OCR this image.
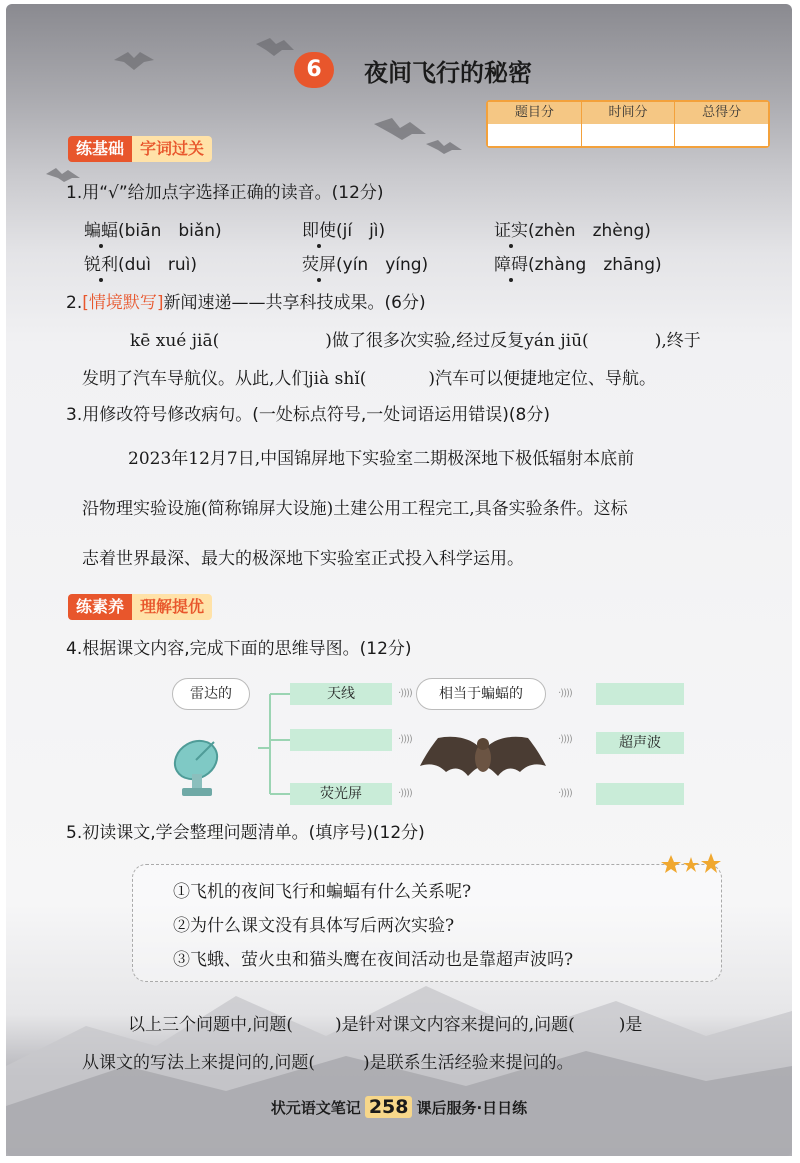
6	夜间飞行的秘密
题目分	时间分	总得分
练基础	字词过关
1.用“√”给加点字选择正确的读音。(12分)
蝙蝠(biān　biǎn)	即使(jí　jì)	证实(zhèn　zhèng)
锐利(duì　ruì)	荧屏(yín　yíng)	障碍(zhàng　zhāng)
2.[情境默写]新闻速递——共享科技成果。(6分)
kē xué jiā(	)做了很多次实验,经过反复yán jiū(	),终于
发明了汽车导航仪。从此,人们jià shǐ(	)汽车可以便捷地定位、导航。
3.用修改符号修改病句。(一处标点符号,一处词语运用错误)(8分)
2023年12月7日,中国锦屏地下实验室二期极深地下极低辐射本底前
沿物理实验设施(简称锦屏大设施)土建公用工程完工,具备实验条件。这标
志着世界最深、最大的极深地下实验室正式投入科学运用。
练素养	理解提优
4.根据课文内容,完成下面的思维导图。(12分)
雷达的	天线
荧光屏
·))))
·))))
·))))
相当于蝙蝠的	·))))
·))))
·))))
超声波
5.初读课文,学会整理问题清单。(填序号)(12分)
①飞机的夜间飞行和蝙蝠有什么关系呢?
②为什么课文没有具体写后两次实验?
③飞蛾、萤火虫和猫头鹰在夜间活动也是靠超声波吗?
以上三个问题中,问题( )是针对课文内容来提问的,问题(	)是
从课文的写法上来提问的,问题(	)是联系生活经验来提问的。
状元语文笔记 258 课后服务·日日练
